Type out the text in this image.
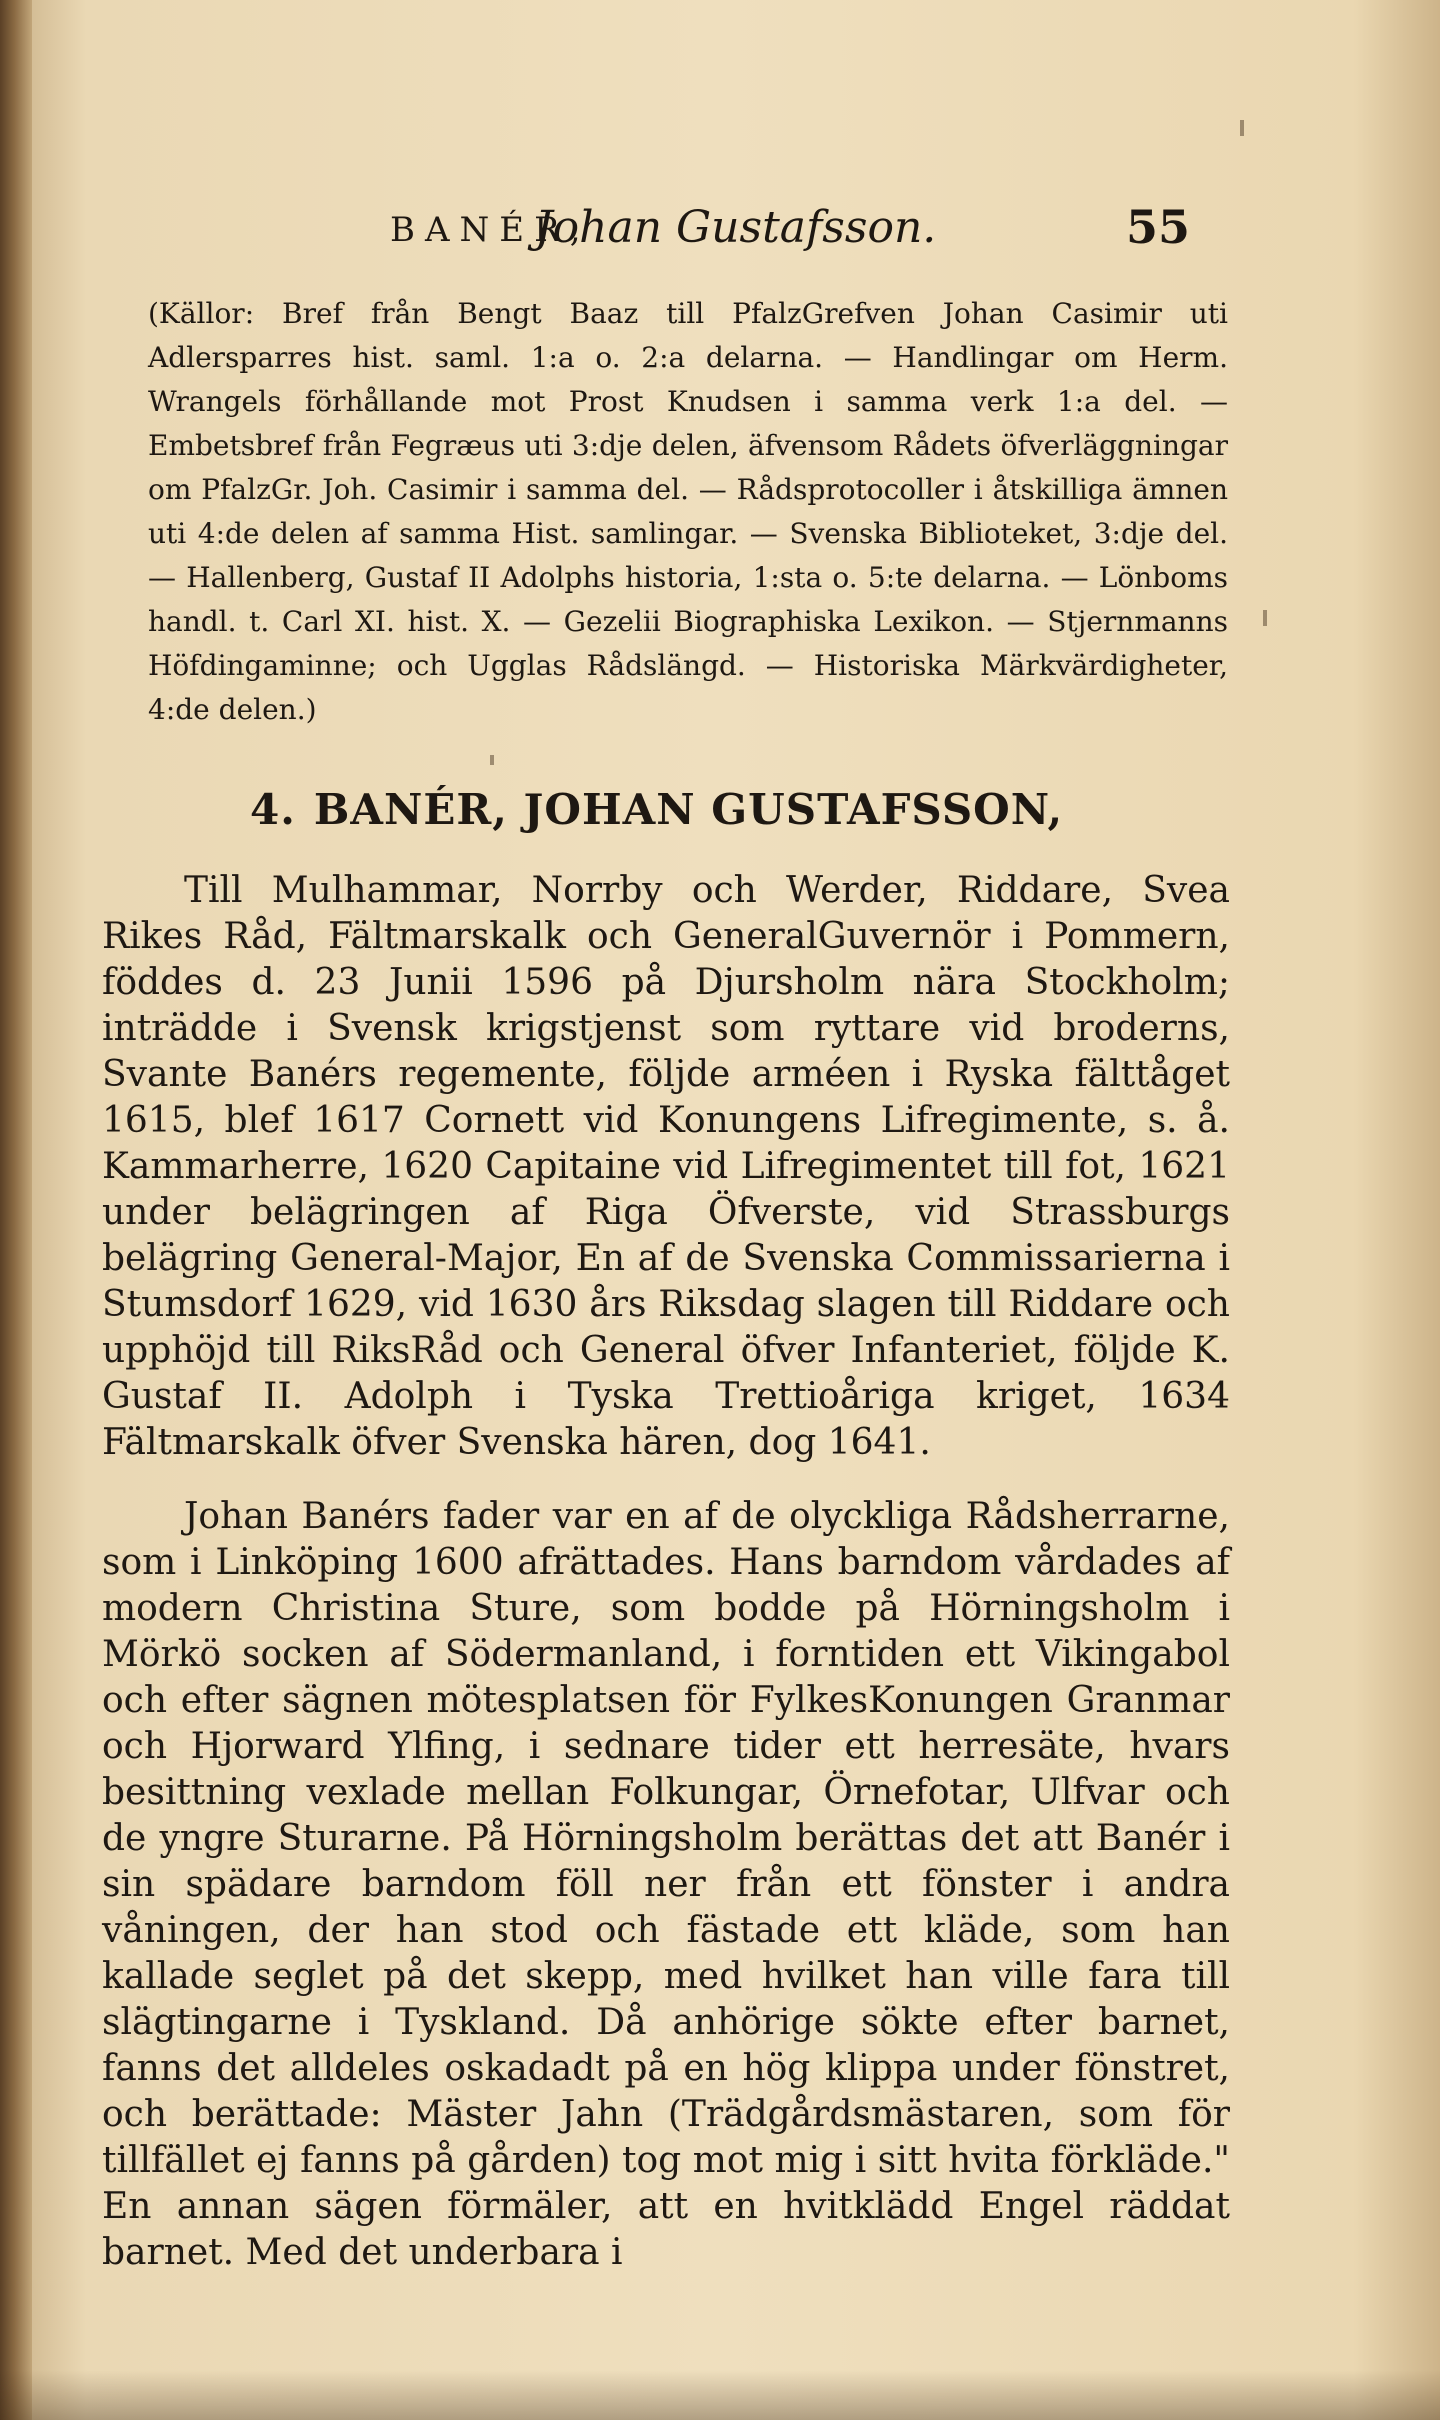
BANÉR,
Johan Gustafsson.	55
(Källor: Bref från Bengt Baaz till PfalzGrefven Johan Casimir uti Adlersparres hist. saml. 1:a o. 2:a delarna. — Handlingar om Herm. Wrangels förhållande mot Prost Knudsen i samma verk 1:a del. — Embetsbref från Fegræus uti 3:dje delen, äfvensom Rådets öfverläggningar om PfalzGr. Joh. Casimir i samma del. — Rådsprotocoller i åtskilliga ämnen uti 4:de delen af samma Hist. samlingar. — Svenska Biblioteket, 3:dje del. — Hallenberg, Gustaf II Adolphs historia, 1:sta o. 5:te delarna. — Lönboms handl. t. Carl XI. hist. X. — Gezelii Biographiska Lexikon. — Stjernmanns Höfdingaminne; och Ugglas Rådslängd. — Historiska Märkvärdigheter, 4:de delen.)
4. BANÉR, JOHAN GUSTAFSSON,

Till Mulhammar, Norrby och Werder, Riddare, Svea Rikes Råd, Fältmarskalk och GeneralGuvernör i Pommern, föddes d. 23 Junii 1596 på Djursholm nära Stockholm; inträdde i Svensk krigstjenst som ryttare vid broderns, Svante Banérs regemente, följde arméen i Ryska fälttåget 1615, blef 1617 Cornett vid Konungens Lifregimente, s. å. Kammarherre, 1620 Capitaine vid Lifregimentet till fot, 1621 under belägringen af Riga Öfverste, vid Strassburgs belägring General-Major, En af de Svenska Commissarierna i Stumsdorf 1629, vid 1630 års Riksdag slagen till Riddare och upphöjd till RiksRåd och General öfver Infanteriet, följde K. Gustaf II. Adolph i Tyska Trettioåriga kriget, 1634 Fältmarskalk öfver Svenska hären, dog 1641.

Johan Banérs fader var en af de olyckliga Rådsherrarne, som i Linköping 1600 afrättades. Hans barndom vårdades af modern Christina Sture, som bodde på Hörningsholm i Mörkö socken af Södermanland, i forntiden ett Vikingabol och efter sägnen mötesplatsen för FylkesKonungen Granmar och Hjorward Ylfing, i sednare tider ett herresäte, hvars besittning vexlade mellan Folkungar, Örnefotar, Ulfvar och de yngre Sturarne. På Hörningsholm berättas det att Banér i sin spädare barndom föll ner från ett fönster i andra våningen, der han stod och fästade ett kläde, som han kallade seglet på det skepp, med hvilket han ville fara till slägtingarne i Tyskland. Då anhörige sökte efter barnet, fanns det alldeles oskadadt på en hög klippa under fönstret, och berättade: Mäster Jahn (Trädgårdsmästaren, som för tillfället ej fanns på gården) tog mot mig i sitt hvita förkläde." En annan sägen förmäler, att en hvitklädd Engel räddat barnet. Med det underbara i
